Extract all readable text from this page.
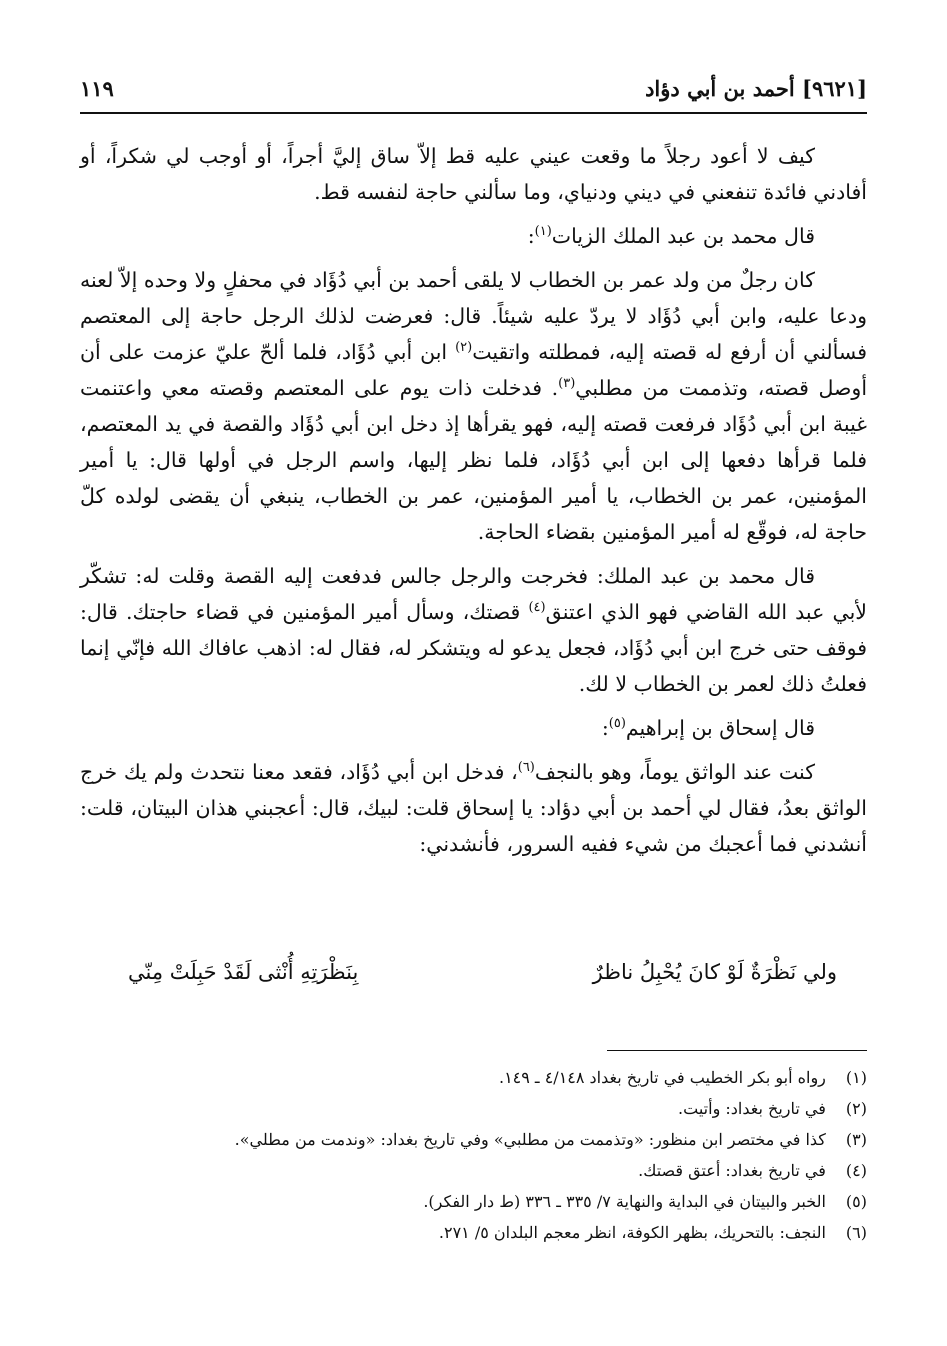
[٩٦٢١] أحمد بن أبي دؤاد
١١٩

كيف لا أعود رجلاً ما وقعت عيني عليه قط إلاّ ساق إليَّ أجراً، أو أوجب لي شكراً، أو أفادني فائدة تنفعني في ديني ودنياي، وما سألني حاجة لنفسه قط.

قال محمد بن عبد الملك الزيات$^{(١)}$:

كان رجلٌ من ولد عمر بن الخطاب لا يلقى أحمد بن أبي دُؤَاد في محفلٍ ولا وحده إلاّ لعنه ودعا عليه، وابن أبي دُؤَاد لا يردّ عليه شيئاً. قال: فعرضت لذلك الرجل حاجة إلى المعتصم فسألني أن أرفع له قصته إليه، فمطلته واتقيت$^{(٢)}$ ابن أبي دُؤَاد، فلما ألحّ عليّ عزمت على أن أوصل قصته، وتذممت من مطلبي$^{(٣)}$. فدخلت ذات يوم على المعتصم وقصته معي واعتنمت غيبة ابن أبي دُؤَاد فرفعت قصته إليه، فهو يقرأها إذ دخل ابن أبي دُؤَاد والقصة في يد المعتصم، فلما قرأها دفعها إلى ابن أبي دُؤَاد، فلما نظر إليها، واسم الرجل في أولها قال: يا أمير المؤمنين، عمر بن الخطاب، يا أمير المؤمنين، عمر بن الخطاب، ينبغي أن يقضى لولده كلّ حاجة له، فوقّع له أمير المؤمنين بقضاء الحاجة.

قال محمد بن عبد الملك: فخرجت والرجل جالس فدفعت إليه القصة وقلت له: تشكّر لأبي عبد الله القاضي فهو الذي اعتنق$^{(٤)}$ قصتك، وسأل أمير المؤمنين في قضاء حاجتك. قال: فوقف حتى خرج ابن أبي دُؤَاد، فجعل يدعو له ويتشكر له، فقال له: اذهب عافاك الله فإنّي إنما فعلتُ ذلك لعمر بن الخطاب لا لك.

قال إسحاق بن إبراهيم$^{(٥)}$:

كنت عند الواثق يوماً، وهو بالنجف$^{(٦)}$، فدخل ابن أبي دُؤَاد، فقعد معنا نتحدث ولم يك خرج الواثق بعدُ، فقال لي أحمد بن أبي دؤاد: يا إسحاق قلت: لبيك، قال: أعجبني هذان البيتان، قلت: أنشدني فما أعجبك من شيء ففيه السرور، فأنشدني:

ولي نَظْرَةٌ لَوْ كانَ يُحْبِلُ ناظرٌ
بِنَظْرَتِهِ أُنْثى لَقَدْ حَبِلَتْ مِنّي

(١) رواه أبو بكر الخطيب في تاريخ بغداد ٤/١٤٨ ـ ١٤٩.

(٢) في تاريخ بغداد: وأتيت.

(٣) كذا في مختصر ابن منظور: «وتذممت من مطلبي» وفي تاريخ بغداد: «وندمت من مطلي».

(٤) في تاريخ بغداد: أعتق قصتك.

(٥) الخبر والبيتان في البداية والنهاية ٧/ ٣٣٥ ـ ٣٣٦ (ط دار الفكر).

(٦) النجف: بالتحريك، بظهر الكوفة، انظر معجم البلدان ٥/ ٢٧١.
